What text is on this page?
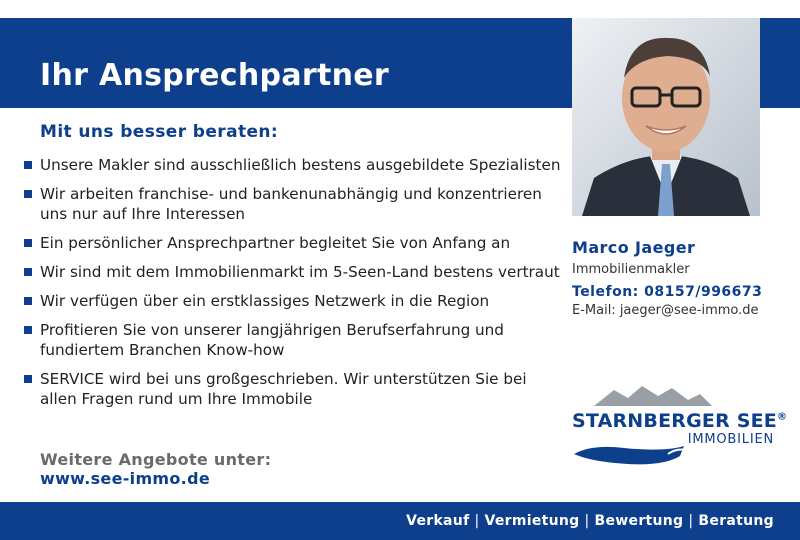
Ihr Ansprechpartner
Mit uns besser beraten:
Unsere Makler sind ausschließlich bestens ausgebildete Spezialisten
Wir arbeiten franchise- und bankenunabhängig und konzentrieren uns nur auf Ihre Interessen
Ein persönlicher Ansprechpartner begleitet Sie von Anfang an
Wir sind mit dem Immobilienmarkt im 5-Seen-Land bestens vertraut
Wir verfügen über ein erstklassiges Netzwerk in die Region
Profitieren Sie von unserer langjährigen Berufserfahrung und fundiertem Branchen Know-how
SERVICE wird bei uns großgeschrieben. Wir unterstützen Sie bei allen Fragen rund um Ihre Immobile
Weitere Angebote unter:
www.see-immo.de
Marco Jaeger
Immobilienmakler
Telefon: 08157/996673
E-Mail: jaeger@see-immo.de
STARNBERGER SEE®
IMMOBILIEN
Verkauf | Vermietung | Bewertung | Beratung
